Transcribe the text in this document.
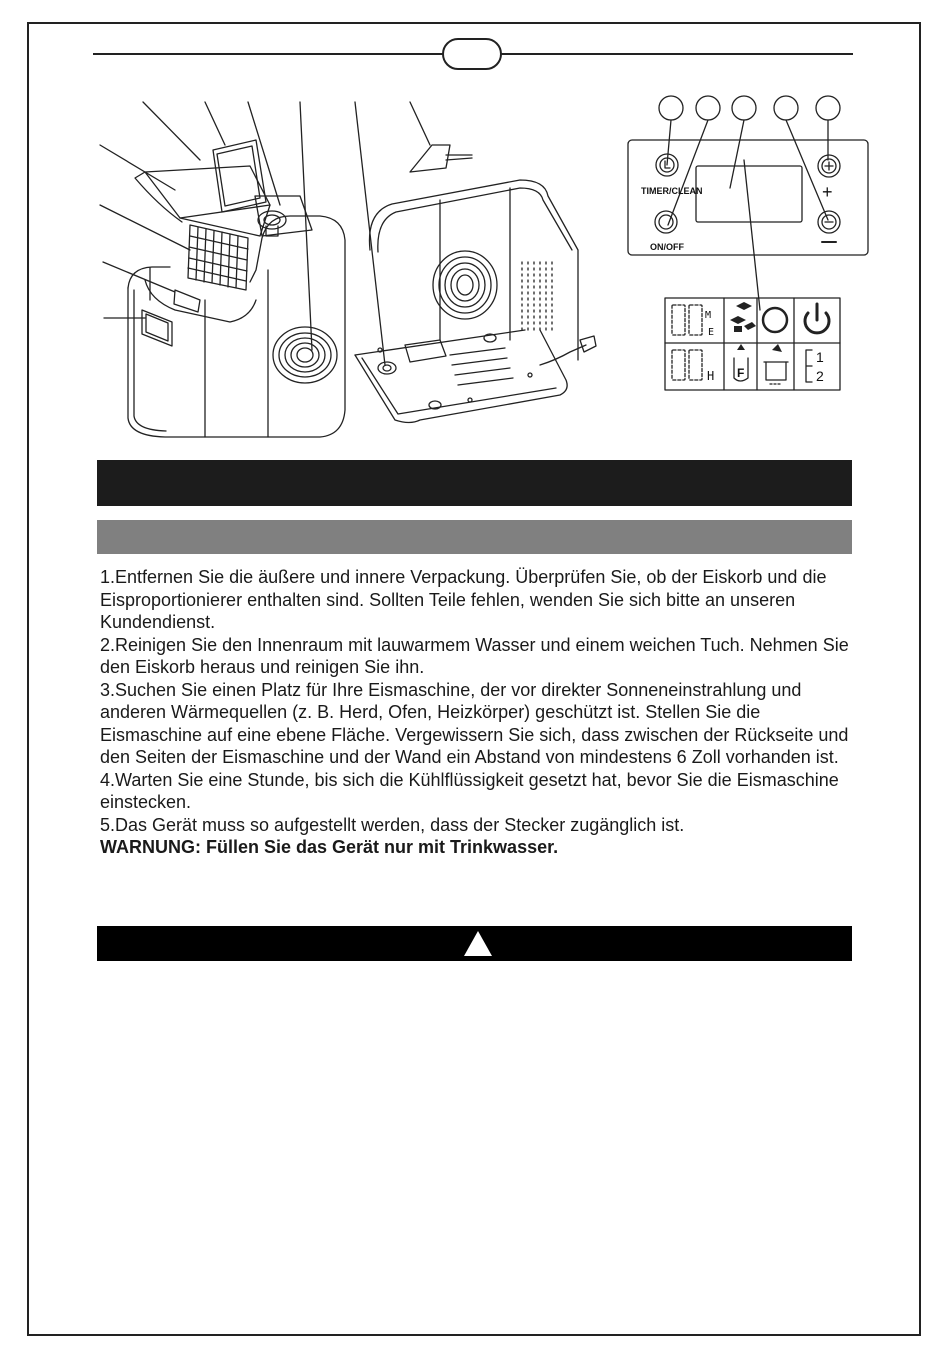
TIMER/CLEAN
ON/OFF
+
M
E
H F
1
2

1.Entfernen Sie die äußere und innere Verpackung. Überprüfen Sie, ob der Eiskorb und die Eisproportionierer enthalten sind. Sollten Teile fehlen, wenden Sie sich bitte an unseren Kundendienst.

2.Reinigen Sie den Innenraum mit lauwarmem Wasser und einem weichen Tuch. Nehmen Sie den Eiskorb heraus und reinigen Sie ihn.

3.Suchen Sie einen Platz für Ihre Eismaschine, der vor direkter Sonneneinstrahlung und anderen Wärmequellen (z. B. Herd, Ofen, Heizkörper) geschützt ist. Stellen Sie die Eismaschine auf eine ebene Fläche. Vergewissern Sie sich, dass zwischen der Rückseite und den Seiten der Eismaschine und der Wand ein Abstand von mindestens 6 Zoll vorhanden ist.

4.Warten Sie eine Stunde, bis sich die Kühlflüssigkeit gesetzt hat, bevor Sie die Eismaschine einstecken.

5.Das Gerät muss so aufgestellt werden, dass der Stecker zugänglich ist.

WARNUNG: Füllen Sie das Gerät nur mit Trinkwasser.
